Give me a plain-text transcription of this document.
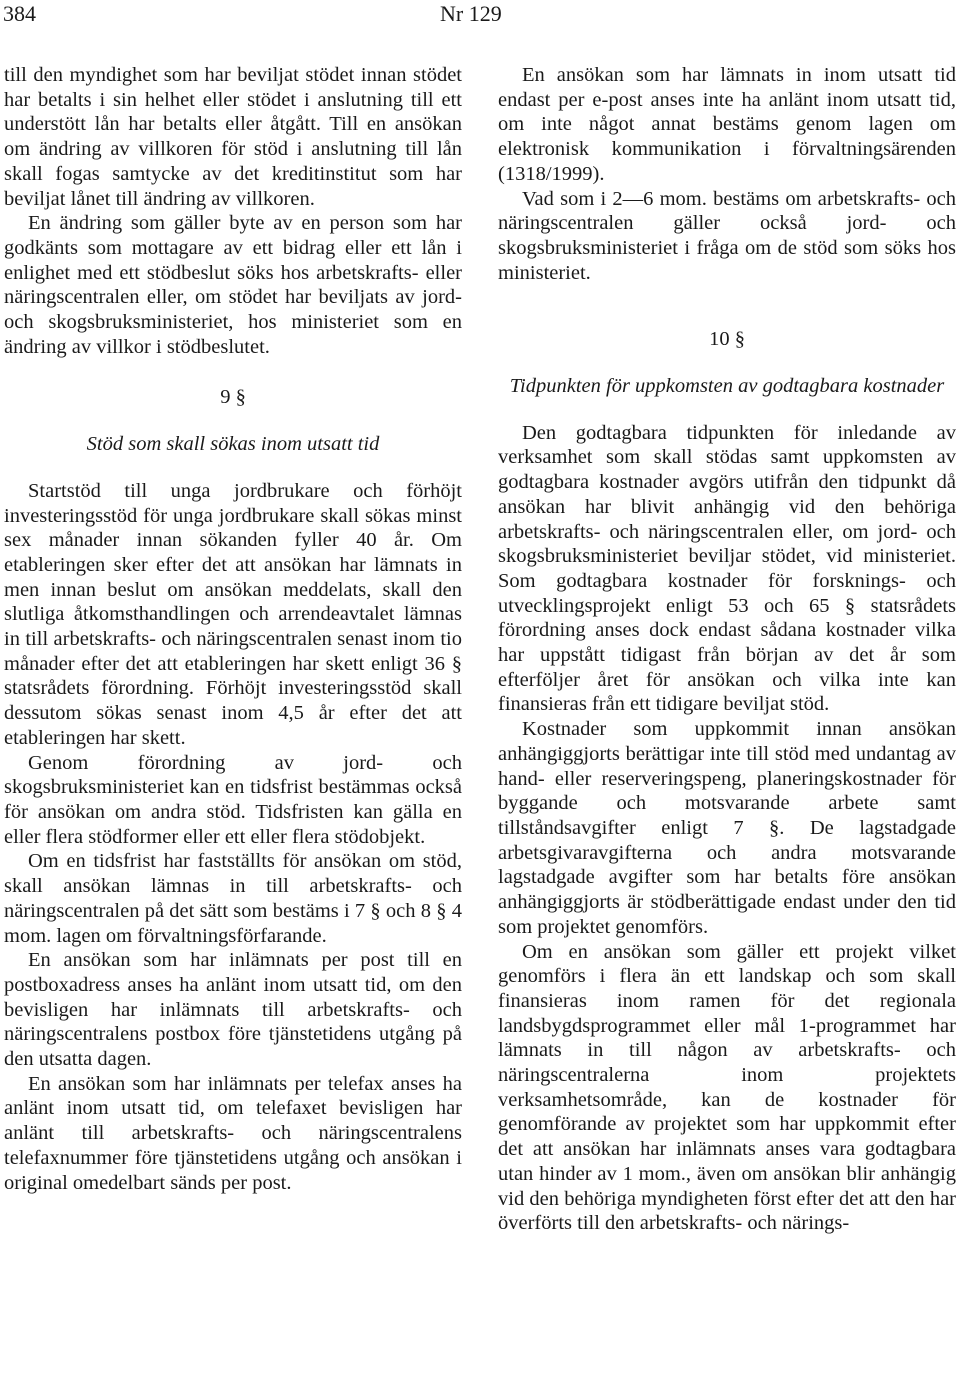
384	Nr 129

till den myndighet som har beviljat stödet innan stödet har betalts i sin helhet eller stödet i anslutning till ett understött lån har betalts eller åtgått. Till en ansökan om ändring av villkoren för stöd i anslutning till lån skall fogas samtycke av det kreditinstitut som har beviljat lånet till ändring av villkoren.

En ändring som gäller byte av en person som har godkänts som mottagare av ett bidrag eller ett lån i enlighet med ett stödbeslut söks hos arbetskrafts- eller näringscentralen eller, om stödet har beviljats av jord- och skogsbruksministeriet, hos ministeriet som en ändring av villkor i stödbeslutet.

9 §

Stöd som skall sökas inom utsatt tid

Startstöd till unga jordbrukare och förhöjt investeringsstöd för unga jordbrukare skall sökas minst sex månader innan sökanden fyller 40 år. Om etableringen sker efter det att ansökan har lämnats in men innan beslut om ansökan meddelats, skall den slutliga åtkomsthandlingen och arrendeavtalet lämnas in till arbetskrafts- och näringscentralen senast inom tio månader efter det att etableringen har skett enligt 36 § statsrådets förordning. Förhöjt investeringsstöd skall dessutom sökas senast inom 4,5 år efter det att etableringen har skett.

Genom förordning av jord- och skogsbruksministeriet kan en tidsfrist bestämmas också för ansökan om andra stöd. Tidsfristen kan gälla en eller flera stödformer eller ett eller flera stödobjekt.

Om en tidsfrist har fastställts för ansökan om stöd, skall ansökan lämnas in till arbetskrafts- och näringscentralen på det sätt som bestäms i 7 § och 8 § 4 mom. lagen om förvaltningsförfarande.

En ansökan som har inlämnats per post till en postboxadress anses ha anlänt inom utsatt tid, om den bevisligen har inlämnats till arbetskrafts- och näringscentralens postbox före tjänstetidens utgång på den utsatta dagen.

En ansökan som har inlämnats per telefax anses ha anlänt inom utsatt tid, om telefaxet bevisligen har anlänt till arbetskrafts- och näringscentralens telefaxnummer före tjänstetidens utgång och ansökan i original omedelbart sänds per post.

En ansökan som har lämnats in inom utsatt tid endast per e-post anses inte ha anlänt inom utsatt tid, om inte något annat bestäms genom lagen om elektronisk kommunikation i förvaltningsärenden (1318/1999).

Vad som i 2—6 mom. bestäms om arbetskrafts- och näringscentralen gäller också jord- och skogsbruksministeriet i fråga om de stöd som söks hos ministeriet.

10 §

Tidpunkten för uppkomsten av godtagbara kostnader

Den godtagbara tidpunkten för inledande av verksamhet som skall stödas samt uppkomsten av godtagbara kostnader avgörs utifrån den tidpunkt då ansökan har blivit anhängig vid den behöriga arbetskrafts- och näringscentralen eller, om jord- och skogsbruksministeriet beviljar stödet, vid ministeriet. Som godtagbara kostnader för forsknings- och utvecklingsprojekt enligt 53 och 65 § statsrådets förordning anses dock endast sådana kostnader vilka har uppstått tidigast från början av det år som efterföljer året för ansökan och vilka inte kan finansieras från ett tidigare beviljat stöd.

Kostnader som uppkommit innan ansökan anhängiggjorts berättigar inte till stöd med undantag av hand- eller reserveringspeng, planeringskostnader för byggande och motsvarande arbete samt tillståndsavgifter enligt 7 §. De lagstadgade arbetsgivaravgifterna och andra motsvarande lagstadgade avgifter som har betalts före ansökan anhängiggjorts är stödberättigade endast under den tid som projektet genomförs.

Om en ansökan som gäller ett projekt vilket genomförs i flera än ett landskap och som skall finansieras inom ramen för det regionala landsbygdsprogrammet eller mål 1-programmet har lämnats in till någon av arbetskrafts- och näringscentralerna inom projektets verksamhetsområde, kan de kostnader för genomförande av projektet som har uppkommit efter det att ansökan har inlämnats anses vara godtagbara utan hinder av 1 mom., även om ansökan blir anhängig vid den behöriga myndigheten först efter det att den har överförts till den arbetskrafts- och närings-
